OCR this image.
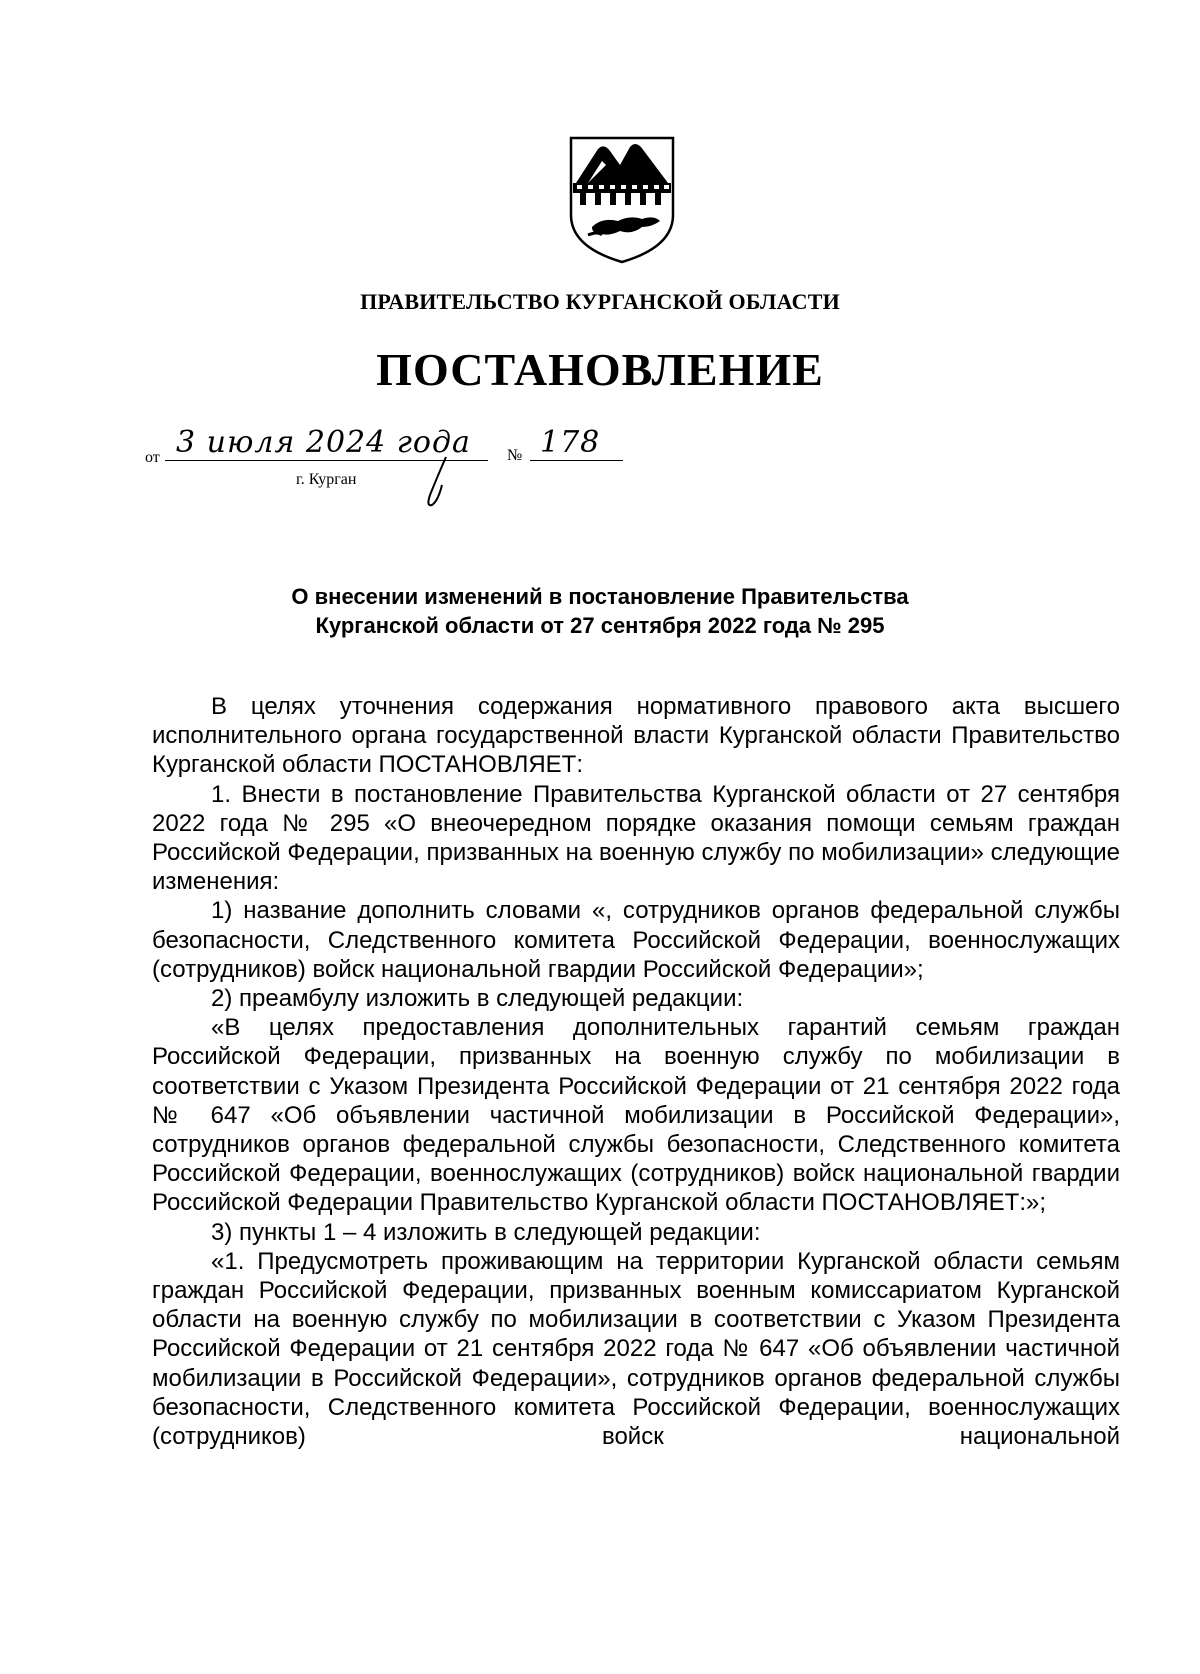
ПРАВИТЕЛЬСТВО КУРГАНСКОЙ ОБЛАСТИ
ПОСТАНОВЛЕНИЕ
от 3 июля 2024 года № 178
г. Курган
О внесении изменений в постановление Правительства
Курганской области от 27 сентября 2022 года № 295

В целях уточнения содержания нормативного правового акта высшего исполнительного органа государственной власти Курганской области Правительство Курганской области ПОСТАНОВЛЯЕТ:

1. Внести в постановление Правительства Курганской области от 27 сентября 2022 года № 295 «О внеочередном порядке оказания помощи семьям граждан Российской Федерации, призванных на военную службу по мобилизации» следующие изменения:

1) название дополнить словами «, сотрудников органов федеральной службы безопасности, Следственного комитета Российской Федерации, военнослужащих (сотрудников) войск национальной гвардии Российской Федерации»;

2) преамбулу изложить в следующей редакции:

«В целях предоставления дополнительных гарантий семьям граждан Российской Федерации, призванных на военную службу по мобилизации в соответствии с Указом Президента Российской Федерации от 21 сентября 2022 года № 647 «Об объявлении частичной мобилизации в Российской Федерации», сотрудников органов федеральной службы безопасности, Следственного комитета Российской Федерации, военнослужащих (сотрудников) войск национальной гвардии Российской Федерации Правительство Курганской области ПОСТАНОВЛЯЕТ:»;

3) пункты 1 – 4 изложить в следующей редакции:

«1. Предусмотреть проживающим на территории Курганской области семьям граждан Российской Федерации, призванных военным комиссариатом Курганской области на военную службу по мобилизации в соответствии с Указом Президента Российской Федерации от 21 сентября 2022 года № 647 «Об объявлении частичной мобилизации в Российской Федерации», сотрудников органов федеральной службы безопасности, Следственного комитета Российской Федерации, военнослужащих (сотрудников) войск национальной
